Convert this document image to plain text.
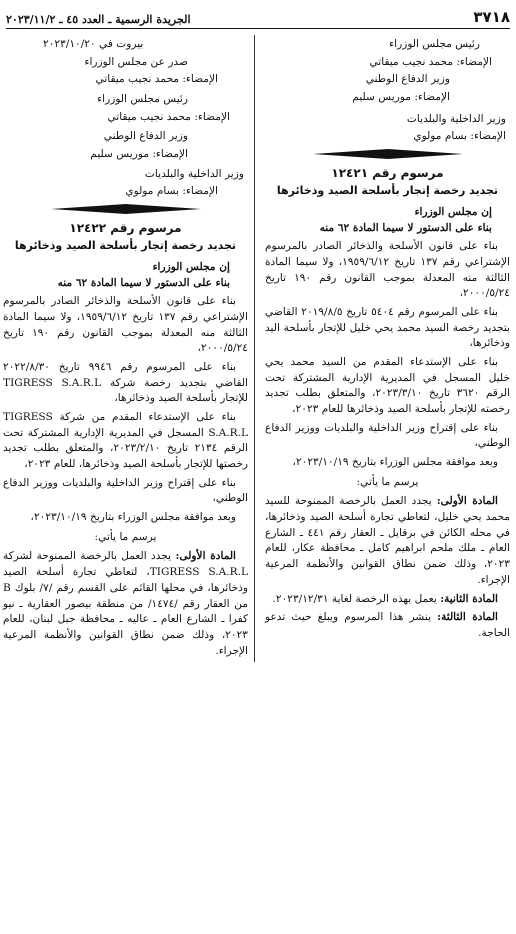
٣٧١٨
الجريدة الرسمية ـ العدد ٤٥ ـ ٢٠٢٣/١١/٢
رئيس مجلس الوزراء
الإمضاء: محمد نجيب ميقاتي
وزير الدفاع الوطني
الإمضاء: موريس سليم
وزير الداخلية والبلديات
الإمضاء: بسام مولوي
مرسوم رقم ١٢٤٢١
تجديد رخصة إتجار بأسلحة الصيد وذخائرها
إن مجلس الوزراء
بناء على الدستور لا سيما المادة ٦٢ منه
بناء على قانون الأسلحة والذخائر الصادر بالمرسوم الإشتراعي رقم ١٣٧ تاريخ ١٩٥٩/٦/١٢، ولا سيما المادة الثالثة منه المعدلة بموجب القانون رقم ١٩٠ تاريخ ٢٠٠٠/٥/٢٤،
بناء على المرسوم رقم ٥٤٠٤ تاريخ ٢٠١٩/٨/٥ القاضي بتجديد رخصة السيد محمد يحي خليل للإتجار بأسلحة اليد وذخائرها،
بناء على الإستدعاء المقدم من السيد محمد يحي خليل المسجل في المديرية الإدارية المشتركة تحت الرقم ٣٦٢٠ تاريخ ٢٠٢٣/٣/١٠، والمتعلق بطلب تجديد رخصته للإتجار بأسلحة الصيد وذخائرها للعام ٢٠٢٣،
بناء على إقتراح وزير الداخلية والبلديات ووزير الدفاع الوطني،
وبعد موافقة مجلس الوزراء بتاريخ ٢٠٢٣/١٠/١٩،
يرسم ما يأتي:
المادة الأولى: يجدد العمل بالرخصة الممنوحة للسيد محمد يحي خليل، لتعاطي تجارة أسلحة الصيد وذخائرها، في محله الكائن في برقايل ـ العقار رقم ٤٤١ ـ الشارع العام ـ ملك ملحم ابراهيم كامل ـ محافظة عكار، للعام ٢٠٢٣، وذلك ضمن نطاق القوانين والأنظمة المرعية الإجراء.
المادة الثانية: يعمل بهذه الرخصة لغاية ٢٠٢٣/١٢/٣١.
المادة الثالثة: ينشر هذا المرسوم ويبلغ حيث تدعو الحاجة.
بيروت في ٢٠٢٣/١٠/٢٠
صدر عن مجلس الوزراء
الإمضاء: محمد نجيب ميقاتي
رئيس مجلس الوزراء
الإمضاء: محمد نجيب ميقاتي
وزير الدفاع الوطني
الإمضاء: موريس سليم
وزير الداخلية والبلديات
الإمضاء: بسام مولوي
مرسوم رقم ١٢٤٢٢
تجديد رخصة إتجار بأسلحة الصيد وذخائرها
إن مجلس الوزراء
بناء على الدستور لا سيما المادة ٦٢ منه
بناء على قانون الأسلحة والذخائر الصادر بالمرسوم الإشتراعي رقم ١٣٧ تاريخ ١٩٥٩/٦/١٢، ولا سيما المادة الثالثة منه المعدلة بموجب القانون رقم ١٩٠ تاريخ ٢٠٠٠/٥/٢٤،
بناء على المرسوم رقم ٩٩٤٦ تاريخ ٢٠٢٢/٨/٣٠ القاضي بتجديد رخصة شركة TIGRESS S.A.R.L للإتجار بأسلحة الصيد وذخائرها،
بناء على الإستدعاء المقدم من شركة TIGRESS S.A.R.L المسجل في المديرية الإدارية المشتركة تحت الرقم ٢١٣٤ تاريخ ٢٠٢٣/٢/١٠، والمتعلق بطلب تجديد رخصتها للإتجار بأسلحة الصيد وذخائرها، للعام ٢٠٢٣،
بناء على إقتراح وزير الداخلية والبلديات ووزير الدفاع الوطني،
وبعد موافقة مجلس الوزراء بتاريخ ٢٠٢٣/١٠/١٩،
يرسم ما يأتي:
المادة الأولى: يجدد العمل بالرخصة الممنوحة لشركة TIGRESS S.A.R.L، لتعاطي تجارة أسلحة الصيد وذخائرها، في محلها القائم على القسم رقم /٧/ بلوك B من العقار رقم /١٤٧٤/ من منطقة بيصور العقارية ـ نيو كفرا ـ الشارع العام ـ عاليه ـ محافظة جبل لبنان، للعام ٢٠٢٣، وذلك ضمن نطاق القوانين والأنظمة المرعية الإجراء.
